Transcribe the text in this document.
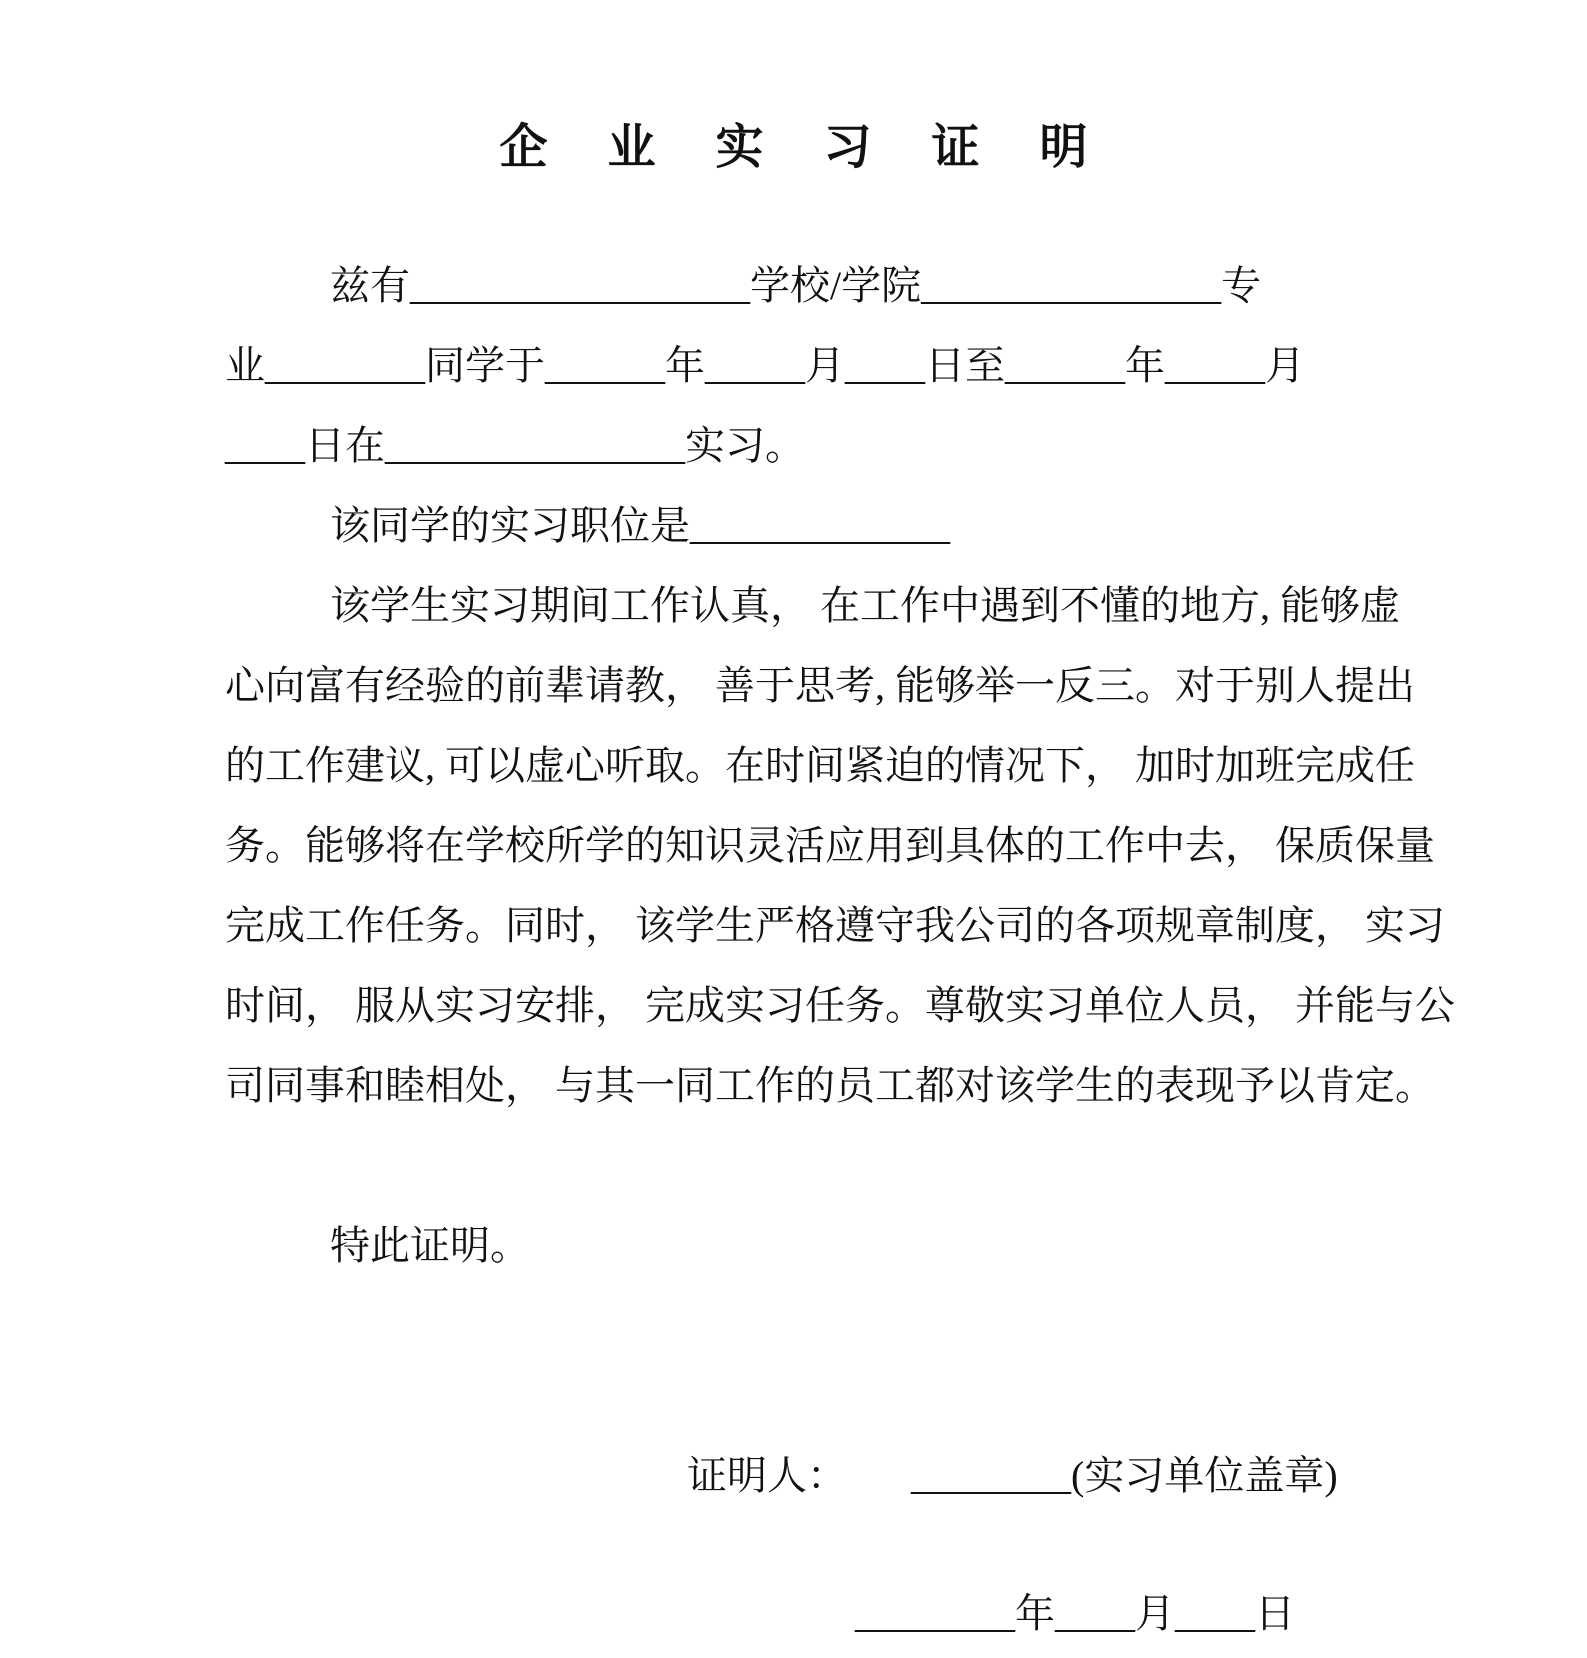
企 业 实 习 证 明
兹有_________________学校/学院_______________专
业________同学于______年_____月____日至______年_____月
____日在_______________实习。
该同学的实习职位是_____________
该学生实习期间工作认真， 在工作中遇到不懂的地方, 能够虚
心向富有经验的前辈请教， 善于思考, 能够举一反三。对于别人提出
的工作建议, 可以虚心听取。在时间紧迫的情况下， 加时加班完成任
务。能够将在学校所学的知识灵活应用到具体的工作中去， 保质保量
完成工作任务。同时， 该学生严格遵守我公司的各项规章制度， 实习
时间， 服从实习安排， 完成实习任务。尊敬实习单位人员， 并能与公
司同事和睦相处， 与其一同工作的员工都对该学生的表现予以肯定。
特此证明。
证明人： ________(实习单位盖章)
________年____月____日
